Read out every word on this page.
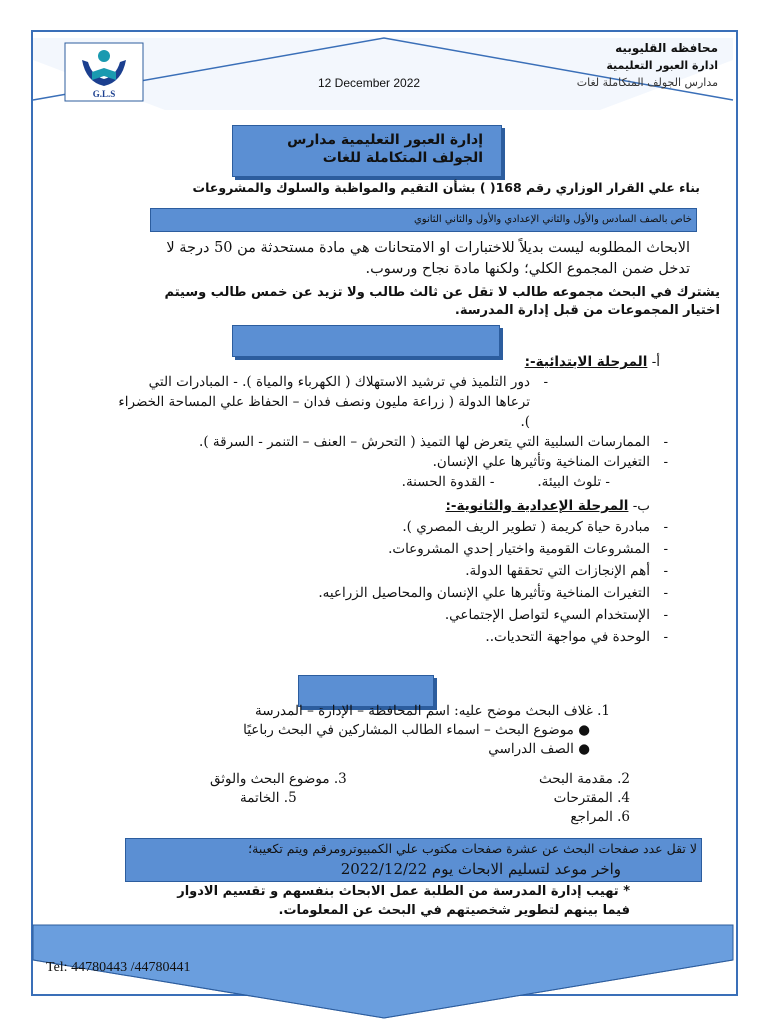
G.L.S
12 December 2022
محافظه القليوبيه
ادارة العبور التعليمية
مدارس الجولف المتكاملة لغات
إدارة العبور التعليمية مدارس
الجولف المتكاملة للغات
بناء علي القرار الوزاري رقم 168( ) بشأن التقيم والمواظبة والسلوك والمشروعات
خاص بالصف السادس والأول والثاني الإعدادي والأول والثاني الثانوي
الابحاث المطلوبه ليست بديلاً للاختبارات او الامتحانات هي مادة مستحدثة من 50 درجة لا تدخل ضمن المجموع الكلي؛ ولكنها مادة نجاح ورسوب.
يشترك في البحث مجموعه طالب لا تقل عن ثالث طالب ولا تزيد عن خمس طالب وسيتم اختيار المجموعات من قبل إدارة المدرسة.
أ- المرحلة الابتدائية-:
- دور التلميذ في ترشيد الاستهلاك ( الكهرباء والمياة ). - المبادرات التي ترعاها الدولة ( زراعة مليون ونصف فدان – الحفاظ علي المساحة الخضراء ).
- الممارسات السلبية التي يتعرض لها التميذ ( التحرش – العنف – التنمر - السرقة ).
- التغيرات المناخية وتأثيرها علي الإنسان.
- تلوث البيئة.          - القدوة الحسنة.
ب- المرحلة الإعدادية والثانوية-:
- مبادرة حياة كريمة ( تطوير الريف المصري ).
- المشروعات القومية واختيار إحدي المشروعات.
- أهم الإنجازات التي تحققها الدولة.
- التغيرات المناخية وتأثيرها علي الإنسان والمحاصيل الزراعيه.
- الإستخدام السيء لتواصل الإجتماعي.
- الوحدة في مواجهة التحديات..
1. غلاف البحث موضح عليه: اسم المحافظة – الإدارة – المدرسة
● موضوع البحث – اسماء الطالب المشاركين في البحث رباعيًا
● الصف الدراسي
2. مقدمة البحث
3. موضوع البحث والوثق
4. المقترحات
5. الخاتمة
6. المراجع
لا تقل عدد صفحات البحث عن عشرة صفحات مكتوب علي الكمبيوترومرقم ويتم تكعيبة؛
واخر موعد لتسليم الابحاث يوم 2022/12/22
* تهيب إدارة المدرسة من الطلبة عمل الابحاث بنفسهم و تقسيم الادوار فيما بينهم لتطوير شخصيتهم في البحث عن المعلومات.
Tel: 44780443 /44780441
